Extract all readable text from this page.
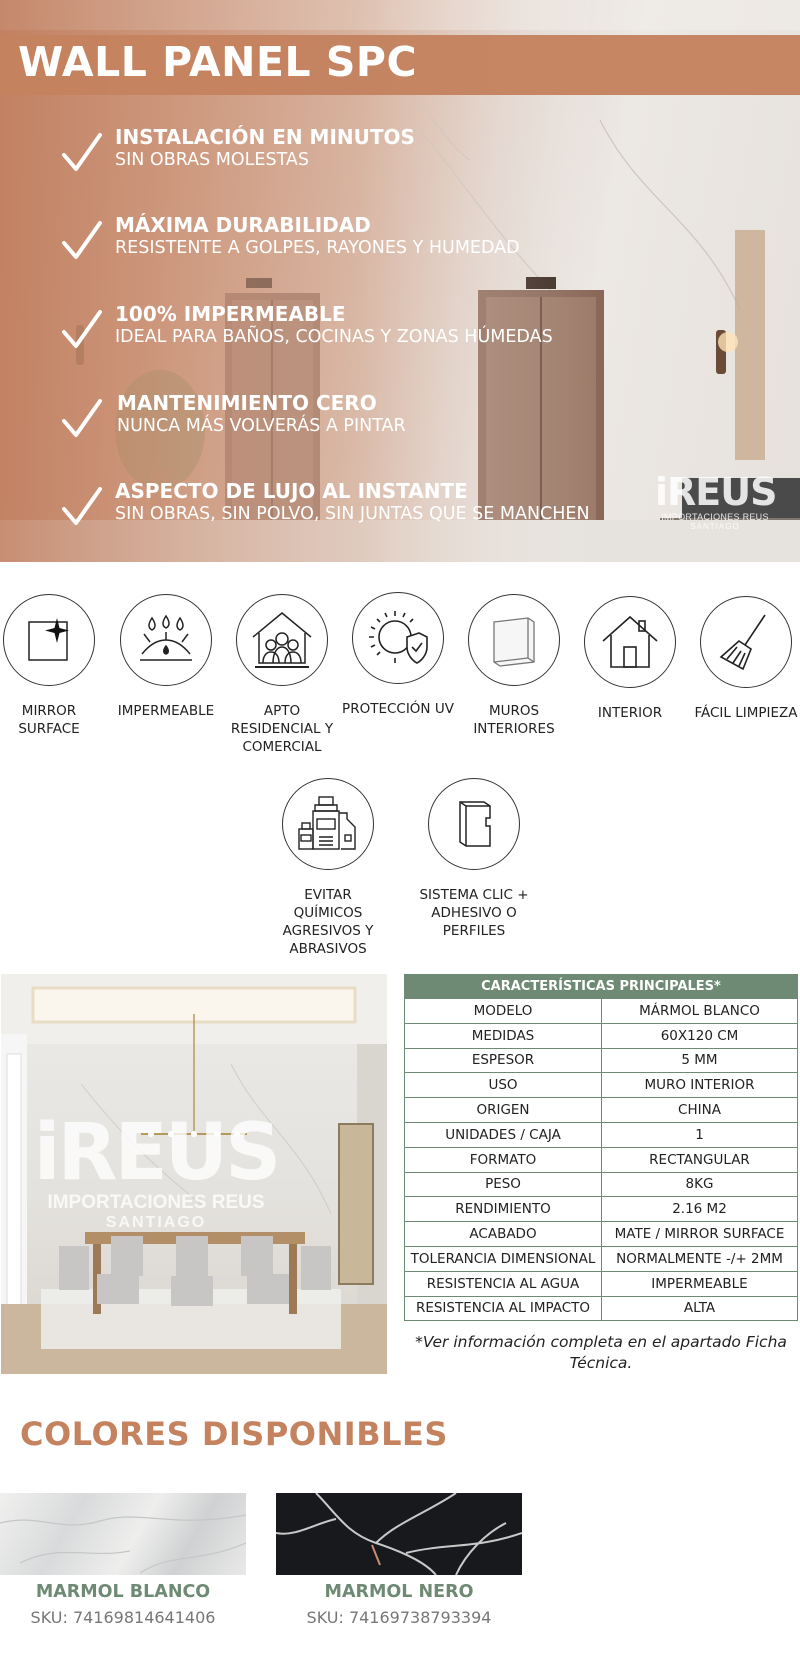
WALL PANEL SPC
INSTALACIÓN EN MINUTOS
SIN OBRAS MOLESTAS
MÁXIMA DURABILIDAD
RESISTENTE A GOLPES, RAYONES Y HUMEDAD
100% IMPERMEABLE
IDEAL PARA BAÑOS, COCINAS Y ZONAS HÚMEDAS
MANTENIMIENTO CERO
NUNCA MÁS VOLVERÁS A PINTAR
ASPECTO DE LUJO AL INSTANTE
SIN OBRAS, SIN POLVO, SIN JUNTAS QUE SE MANCHEN iREUS
IMPORTACIONES REUS
SANTIAGO
MIRROR SURFACE
IMPERMEABLE	APTO RESIDENCIAL Y COMERCIAL
PROTECCIÓN UV	MUROS INTERIORES
INTERIOR	FÁCIL LIMPIEZA
EVITAR QUÍMICOS AGRESIVOS Y ABRASIVOS
SISTEMA CLIC + ADHESIVO O PERFILES
iREUS
IMPORTACIONES REUS
SANTIAGO
CARACTERÍSTICAS PRINCIPALES*	
MODELO	MÁRMOL BLANCO
MEDIDAS	60X120 CM
ESPESOR	5 MM
USO	MURO INTERIOR
ORIGEN	CHINA
UNIDADES / CAJA	1
FORMATO	RECTANGULAR
PESO	8KG
RENDIMIENTO	2.16 M2
ACABADO	MATE / MIRROR SURFACE
TOLERANCIA DIMENSIONAL	NORMALMENTE -/+ 2MM
RESISTENCIA AL AGUA	IMPERMEABLE
RESISTENCIA AL IMPACTO	ALTA
*Ver información completa en el apartado Ficha Técnica.
COLORES DISPONIBLES
MARMOL BLANCO
SKU: 74169814641406
MARMOL NERO
SKU: 74169738793394
